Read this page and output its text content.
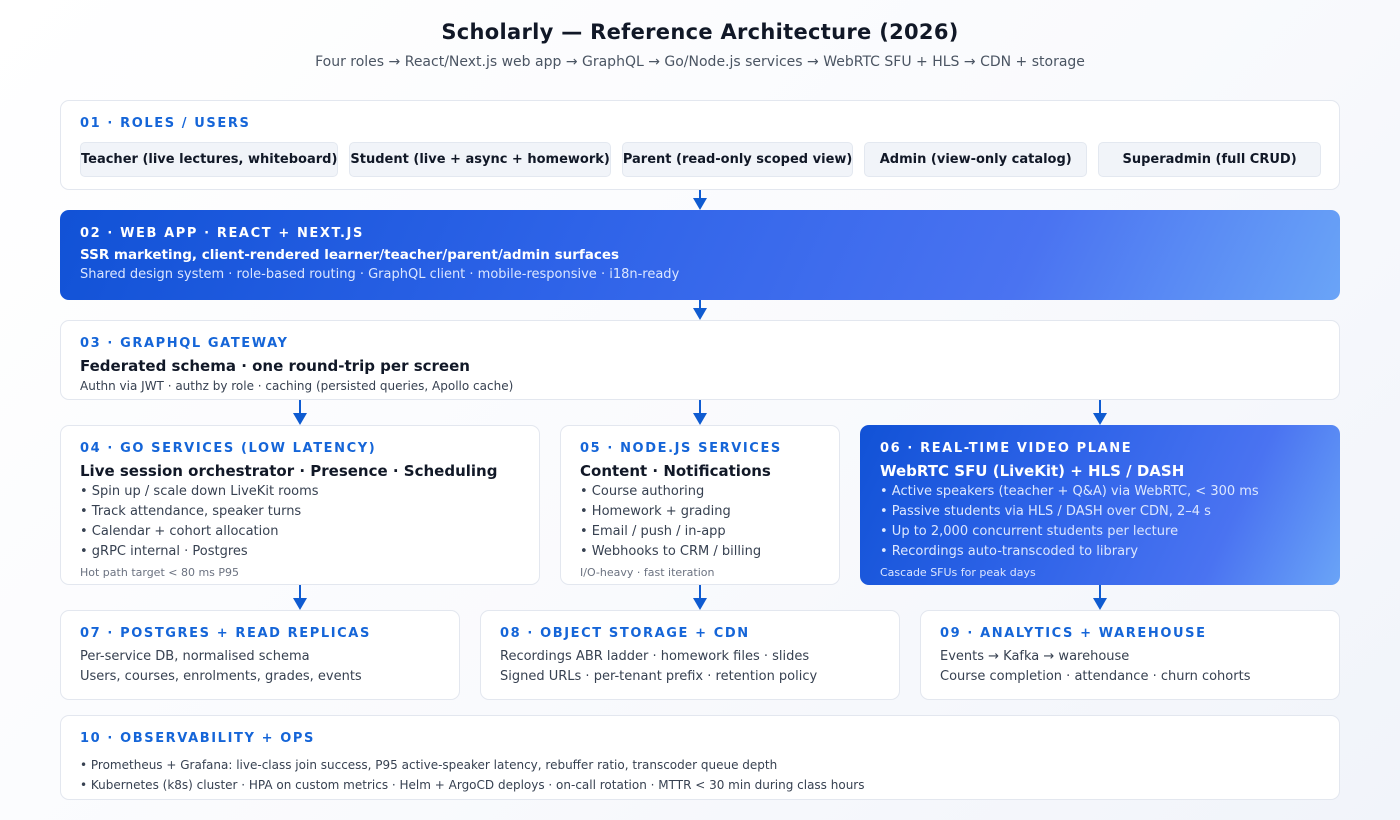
Scholarly — Reference Architecture (2026)
Four roles → React/Next.js web app → GraphQL → Go/Node.js services → WebRTC SFU + HLS → CDN + storage
01 · ROLES / USERS
Teacher (live lectures, whiteboard) Student (live + async + homework) Parent (read-only scoped view)	Admin (view-only catalog)	Superadmin (full CRUD)
02 · WEB APP · REACT + NEXT.JS
SSR marketing, client-rendered learner/teacher/parent/admin surfaces
Shared design system · role-based routing · GraphQL client · mobile-responsive · i18n-ready
03 · GRAPHQL GATEWAY
Federated schema · one round-trip per screen
Authn via JWT · authz by role · caching (persisted queries, Apollo cache)
04 · GO SERVICES (LOW LATENCY)
Live session orchestrator · Presence · Scheduling
• Spin up / scale down LiveKit rooms
• Track attendance, speaker turns
• Calendar + cohort allocation
• gRPC internal · Postgres
Hot path target < 80 ms P95
05 · NODE.JS SERVICES
Content · Notifications
• Course authoring
• Homework + grading
• Email / push / in-app
• Webhooks to CRM / billing
I/O-heavy · fast iteration
06 · REAL-TIME VIDEO PLANE
WebRTC SFU (LiveKit) + HLS / DASH
• Active speakers (teacher + Q&A) via WebRTC, < 300 ms
• Passive students via HLS / DASH over CDN, 2–4 s
• Up to 2,000 concurrent students per lecture
• Recordings auto-transcoded to library
Cascade SFUs for peak days
07 · POSTGRES + READ REPLICAS
Per-service DB, normalised schema
Users, courses, enrolments, grades, events
08 · OBJECT STORAGE + CDN
Recordings ABR ladder · homework files · slides
Signed URLs · per-tenant prefix · retention policy
09 · ANALYTICS + WAREHOUSE
Events → Kafka → warehouse
Course completion · attendance · churn cohorts
10 · OBSERVABILITY + OPS
• Prometheus + Grafana: live-class join success, P95 active-speaker latency, rebuffer ratio, transcoder queue depth
• Kubernetes (k8s) cluster · HPA on custom metrics · Helm + ArgoCD deploys · on-call rotation · MTTR < 30 min during class hours
